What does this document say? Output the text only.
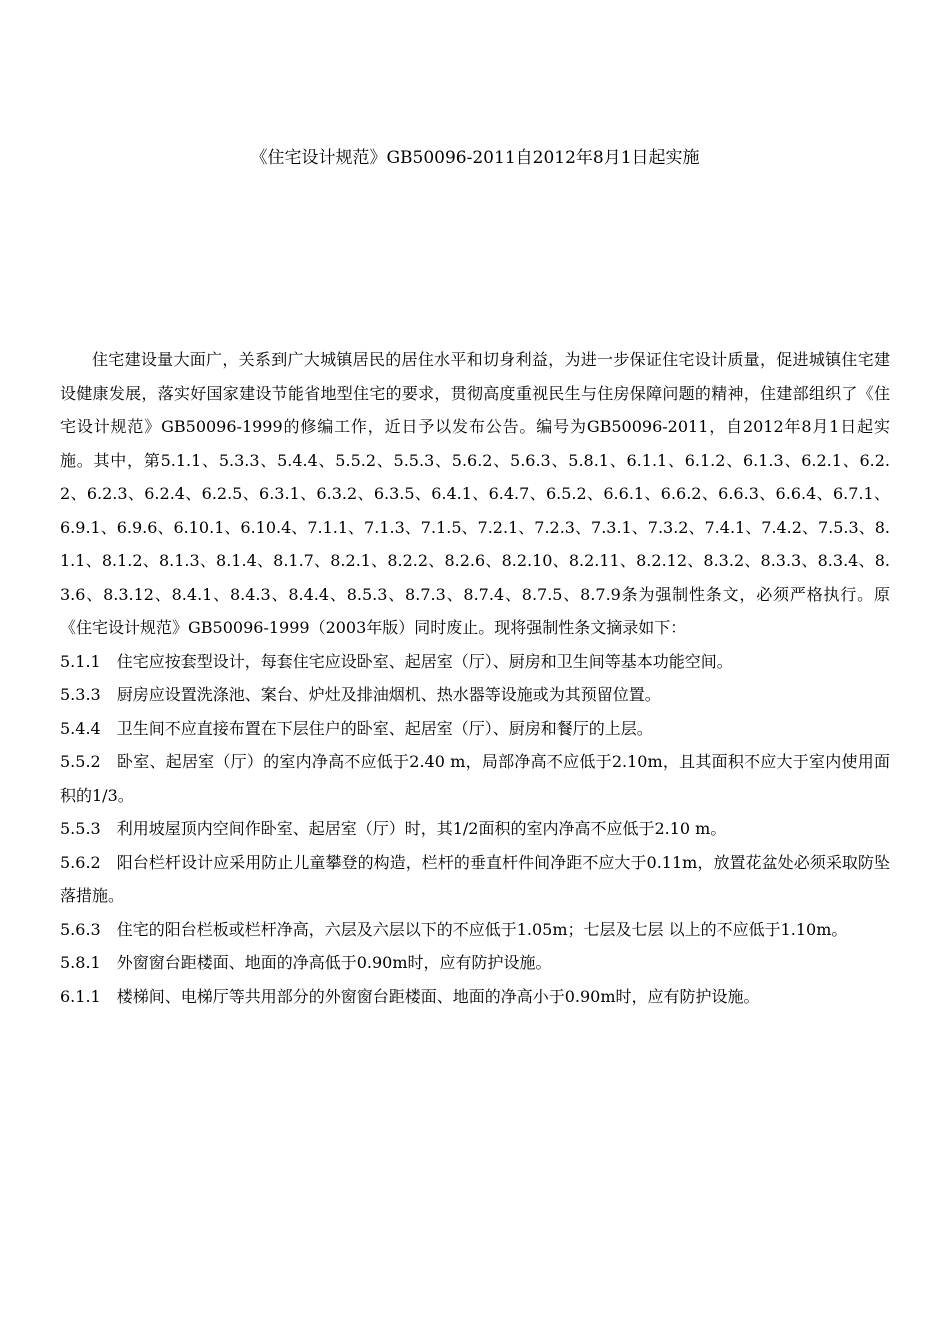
《住宅设计规范》GB50096-2011自2012年8月1日起实施

住宅建设量大面广，关系到广大城镇居民的居住水平和切身利益，为进一步保证住宅设计质量，促进城镇住宅建设健康发展，落实好国家建设节能省地型住宅的要求，贯彻高度重视民生与住房保障问题的精神，住建部组织了《住宅设计规范》GB50096-1999的修编工作，近日予以发布公告。编号为GB50096-2011，自2012年8月1日起实施。其中，第5.1.1、5.3.3、5.4.4、5.5.2、5.5.3、5.6.2、5.6.3、5.8.1、6.1.1、6.1.2、6.1.3、6.2.1、6.2.2、6.2.3、6.2.4、6.2.5、6.3.1、6.3.2、6.3.5、6.4.1、6.4.7、6.5.2、6.6.1、6.6.2、6.6.3、6.6.4、6.7.1、6.9.1、6.9.6、6.10.1、6.10.4、7.1.1、7.1.3、7.1.5、7.2.1、7.2.3、7.3.1、7.3.2、7.4.1、7.4.2、7.5.3、8.1.1、8.1.2、8.1.3、8.1.4、8.1.7、8.2.1、8.2.2、8.2.6、8.2.10、8.2.11、8.2.12、8.3.2、8.3.3、8.3.4、8.3.6、8.3.12、8.4.1、8.4.3、8.4.4、8.5.3、8.7.3、8.7.4、8.7.5、8.7.9条为强制性条文，必须严格执行。原《住宅设计规范》GB50096-1999（2003年版）同时废止。现将强制性条文摘录如下：

5.1.1 住宅应按套型设计，每套住宅应设卧室、起居室（厅）、厨房和卫生间等基本功能空间。

5.3.3 厨房应设置洗涤池、案台、炉灶及排油烟机、热水器等设施或为其预留位置。

5.4.4 卫生间不应直接布置在下层住户的卧室、起居室（厅）、厨房和餐厅的上层。

5.5.2 卧室、起居室（厅）的室内净高不应低于2.40 m，局部净高不应低于2.10m，且其面积不应大于室内使用面积的1/3。

5.5.3 利用坡屋顶内空间作卧室、起居室（厅）时，其1/2面积的室内净高不应低于2.10 m。

5.6.2 阳台栏杆设计应采用防止儿童攀登的构造，栏杆的垂直杆件间净距不应大于0.11m，放置花盆处必须采取防坠落措施。

5.6.3 住宅的阳台栏板或栏杆净高，六层及六层以下的不应低于1.05m；七层及七层 以上的不应低于1.10m。

5.8.1 外窗窗台距楼面、地面的净高低于0.90m时，应有防护设施。

6.1.1 楼梯间、电梯厅等共用部分的外窗窗台距楼面、地面的净高小于0.90m时，应有防护设施。
